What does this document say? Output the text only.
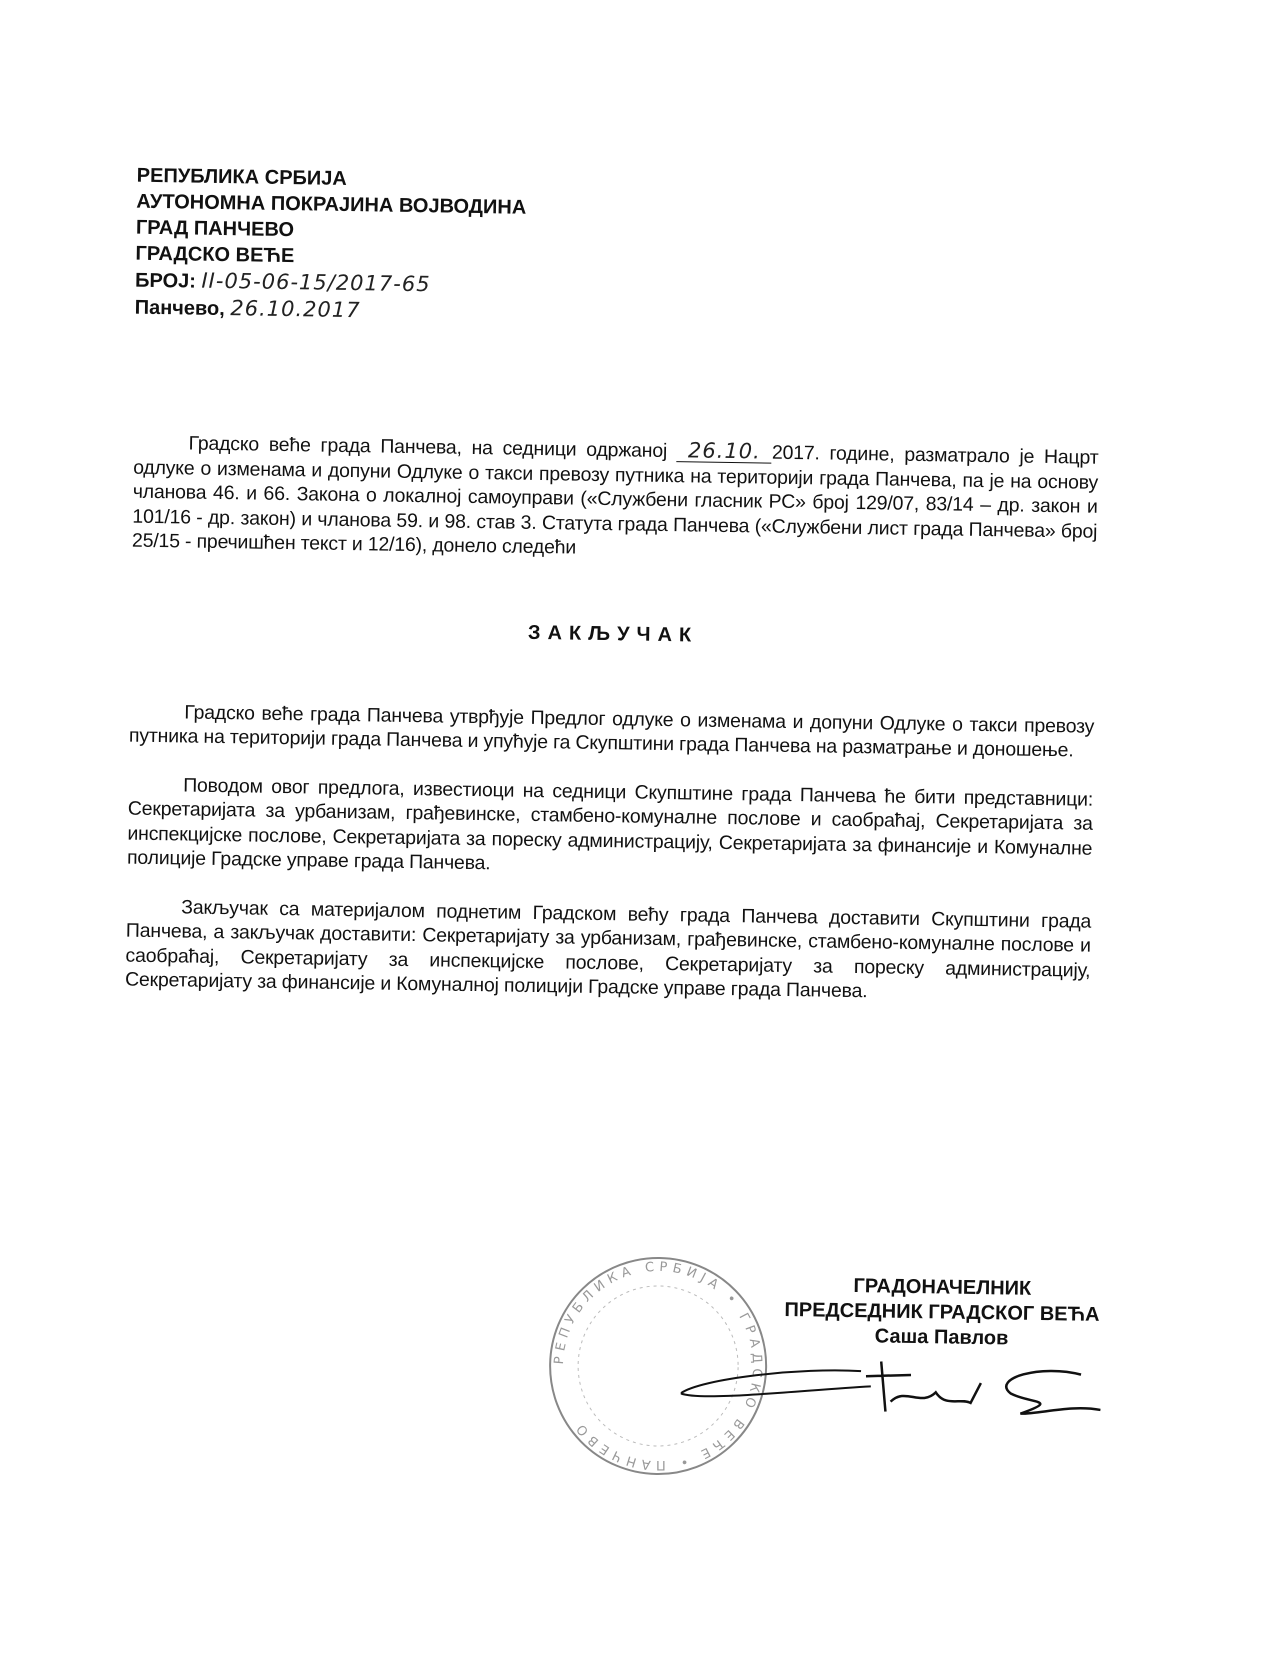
РЕПУБЛИКА СРБИЈА
АУТОНОМНА ПОКРАЈИНА ВОЈВОДИНА
ГРАД ПАНЧЕВО
ГРАДСКО ВЕЋЕ
БРОЈ: II-05-06-15/2017-65
Панчево, 26.10.2017
Градско веће града Панчева, на седници одржаној 26.10. 2017. године, разматрало је Нацрт одлуке о изменама и допуни Одлуке о такси превозу путника на територији града Панчева, па је на основу чланова 46. и 66. Закона о локалној самоуправи («Службени гласник РС» број 129/07, 83/14 – др. закон и 101/16 - др. закон) и чланова 59. и 98. став 3. Статута града Панчева («Службени лист града Панчева» број 25/15 - пречишћен текст и 12/16), донело следећи
ЗАКЉУЧАК
Градско веће града Панчева утврђује Предлог одлуке о изменама и допуни Одлуке о такси превозу путника на територији града Панчева и упућује га Скупштини града Панчева на разматрање и доношење.
Поводом овог предлога, известиоци на седници Скупштине града Панчева ће бити представници: Секретаријата за урбанизам, грађевинске, стамбено-комуналне послове и саобраћај, Секретаријата за инспекцијске послове, Секретаријата за пореску администрацију, Секретаријата за финансије и Комуналне полиције Градске управе града Панчева.
Закључак са материјалом поднетим Градском већу града Панчева доставити Скупштини града Панчева, а закључак доставити: Секретаријату за урбанизам, грађевинске, стамбено-комуналне послове и саобраћај, Секретаријату за инспекцијске послове, Секретаријату за пореску администрацију, Секретаријату за финансије и Комуналној полицији Градске управе града Панчева.
РЕПУБЛИКА СРБИЈА • ГРАДСКО ВЕЋЕ • ПАНЧЕВО
ГРАДОНАЧЕЛНИК
ПРЕДСЕДНИК ГРАДСКОГ ВЕЋА
Саша Павлов
